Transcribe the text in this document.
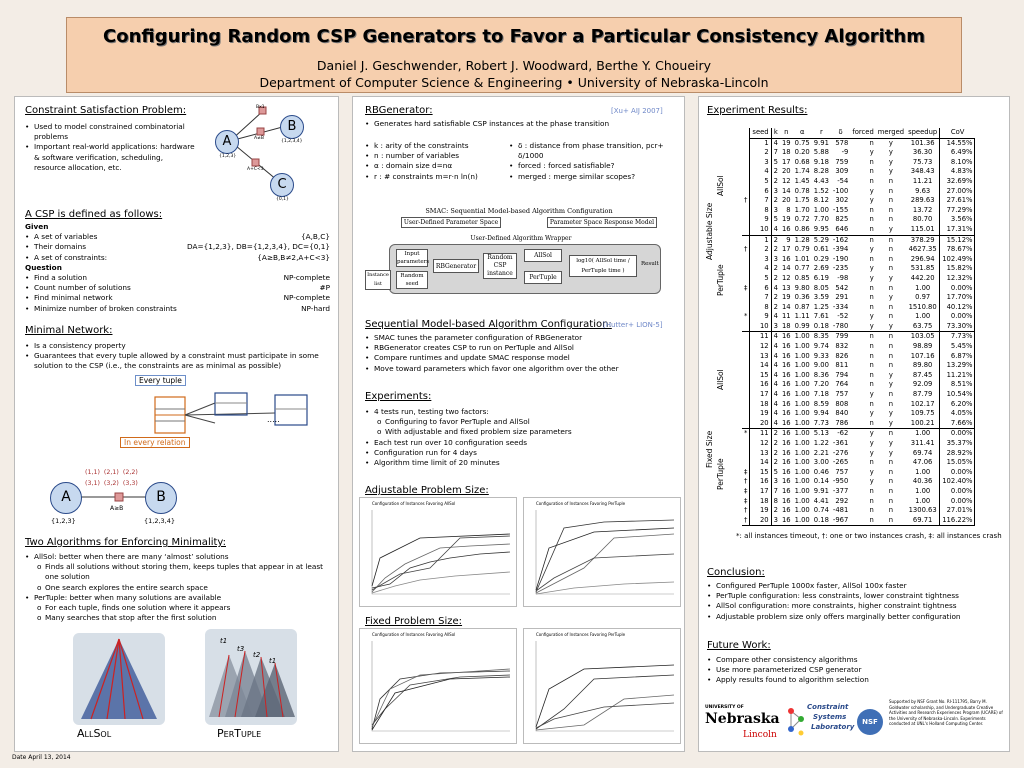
Configuring Random CSP Generators to Favor a Particular Consistency Algorithm
Daniel J. Geschwender, Robert J. Woodward, Berthe Y. Choueiry
Department of Computer Science & Engineering • University of Nebraska-Lincoln
Constraint Satisfaction Problem:
• Used to model constrained combinatorial problems
• Important real-world applications: hardware & software verification, scheduling, resource allocation, etc.
A
B
C
{1,2,3}
{1,2,3,4}
{0,1}
Bx1
A≠B
A+C<3
A CSP is defined as follows:
Given
• A set of variables	{A,B,C}
• Their domains	DA={1,2,3}, DB={1,2,3,4}, DC={0,1}
• A set of constraints:	{A≥B,B≠2,A+C<3}
Question
• Find a solution	NP-complete
• Count number of solutions	#P
• Find minimal network	NP-complete
• Minimize number of broken constraints	NP-hard
Minimal Network:
• Is a consistency property
• Guarantees that every tuple allowed by a constraint must participate in some solution to the CSP (i.e., the constraints are as minimal as possible)
Every tuple
.....
In every relation
(1,1)  (2,1)  (2,2)
(3,1)  (3,2)  (3,3)
A	B
A≥B
{1,2,3}	{1,2,3,4}
Two Algorithms for Enforcing Minimality:
• AllSol: better when there are many ‘almost’ solutions
o Finds all solutions without storing them, keeps tuples that appear in at least one solution
o One search explores the entire search space
• PerTuple: better when many solutions are available
o For each tuple, finds one solution where it appears
o Many searches that stop after the first solution
t1
t3
t2
t1
AllSol	PerTuple
RBGenerator:	[Xu+ AIJ 2007]
• Generates hard satisfiable CSP instances at the phase transition
• k : arity of the constraints
• n : number of variables
• α : domain size d=nα
• r : # constraints m=r·n ln(n)
• δ : distance from phase transition, pcr+ δ/1000
• forced : forced satisfiable?
• merged : merge similar scopes?
SMAC: Sequential Model-based Algorithm Configuration
User-Defined Parameter Space	Parameter Space Response Model
User-Defined Algorithm Wrapper
Instance list
Input parameters
Random seed
RBGenerator
Random CSP instance
AllSol
PerTuple
log10( AllSol time / PerTuple time )
Result
Sequential Model-based Algorithm Configuration:
[Hutter+ LION-5]
• SMAC tunes the parameter configuration of RBGenerator
• RBGenerator creates CSP to run on PerTuple and AllSol
• Compare runtimes and update SMAC response model
• Move toward parameters which favor one algorithm over the other
Experiments:
• 4 tests run, testing two factors:
o Configuring to favor PerTuple and AllSol
o With adjustable and fixed problem size parameters
• Each test run over 10 configuration seeds
• Configuration run for 4 days
• Algorithm time limit of 20 minutes
Adjustable Problem Size:
Configuration of Instances Favoring AllSol	Configuration of Instances Favoring PerTuple
Fixed Problem Size:
Configuration of Instances Favoring AllSol	Configuration of Instances Favoring PerTuple
Experiment Results:
Conclusion:
• Configured PerTuple 1000x faster, AllSol 100x faster
• PerTuple configuration: less constraints, lower constraint tightness
• AllSol configuration: more constraints, higher constraint tightness
• Adjustable problem size only offers marginally better configuration
Future Work:
• Compare other consistency algorithms
• Use more parameterized CSP generator
• Apply results found to algorithm selection
UNIVERSITY OF
Nebraska
Lincoln
Constraint
Systems
Laboratory
NSF
Supported by NSF Grant No. RI-111795, Barry M. Goldwater scholarship, and Undergraduate Creative Activities and Research Experiences Program (UCARE) of the University of Nebraska-Lincoln. Experiments conducted at UNL's Holland Computing Center.
			seed	k	n	α	r	δ	forced	merged	speedup	CoV
			1	4	19	0.75	9.91	578	n	y	101.36	14.55%
			2	7	18	0.20	5.88	-9	y	y	36.30	6.49%
			3	5	17	0.68	9.18	759	n	y	75.73	8.10%
			4	2	20	1.74	8.28	309	n	y	348.43	4.83%
			5	2	12	1.45	4.43	-54	n	n	11.21	32.69%
			6	3	14	0.78	1.52	-100	y	n	9.63	27.00%
		†	7	2	20	1.75	8.12	302	y	n	289.63	27.61%
			8	3	8	1.70	1.00	-155	n	n	13.72	77.29%
			9	5	19	0.72	7.70	825	n	n	80.70	3.56%
			10	4	16	0.86	9.95	646	n	y	115.01	17.31%
			1	2	9	1.28	5.29	-162	n	n	378.29	15.12%
		†	2	2	17	0.79	0.61	-394	y	n	4627.35	78.67%
			3	3	16	1.01	0.29	-190	n	n	296.94	102.49%
			4	2	14	0.77	2.69	-235	y	n	531.85	15.82%
			5	2	12	0.85	6.19	-98	y	y	442.20	12.32%
		‡	6	4	13	9.80	8.05	542	n	n	1.00	0.00%
			7	2	19	0.36	3.59	291	n	y	0.97	17.70%
			8	2	14	0.87	1.25	-334	n	n	1510.80	40.12%
		*	9	4	11	1.11	7.61	-52	y	n	1.00	0.00%
			10	3	18	0.99	0.18	-780	y	y	63.75	73.30%
			11	4	16	1.00	8.35	799	n	n	103.05	7.73%
			12	4	16	1.00	9.74	832	n	n	98.89	5.45%
			13	4	16	1.00	9.33	826	n	n	107.16	6.87%
			14	4	16	1.00	9.00	811	n	n	89.80	13.29%
			15	4	16	1.00	8.36	794	n	y	87.45	11.21%
			16	4	16	1.00	7.20	764	n	y	92.09	8.51%
			17	4	16	1.00	7.18	757	y	n	87.79	10.54%
			18	4	16	1.00	8.59	808	n	n	102.17	6.20%
			19	4	16	1.00	9.94	840	y	y	109.75	4.05%
			20	4	16	1.00	7.73	786	n	y	100.21	7.66%
		*	11	2	16	1.00	5.13	-62	y	n	1.00	0.00%
			12	2	16	1.00	1.22	-361	y	y	311.41	35.37%
			13	2	16	1.00	2.21	-276	y	y	69.74	28.92%
			14	2	16	1.00	3.00	-265	n	n	47.06	15.05%
		‡	15	5	16	1.00	0.46	757	y	n	1.00	0.00%
		†	16	3	16	1.00	0.14	-950	y	n	40.36	102.40%
		‡	17	7	16	1.00	9.91	-377	n	n	1.00	0.00%
		‡	18	8	16	1.00	4.41	292	n	n	1.00	0.00%
		†	19	2	16	1.00	0.74	-481	n	n	1300.63	27.01%
		†	20	3	16	1.00	0.18	-967	n	n	69.71	116.22%
Adjustable Size
Fixed Size
AllSol
PerTuple
AllSol
PerTuple
*: all instances timeout, †: one or two instances crash, ‡: all instances crash
Date April 13, 2014
